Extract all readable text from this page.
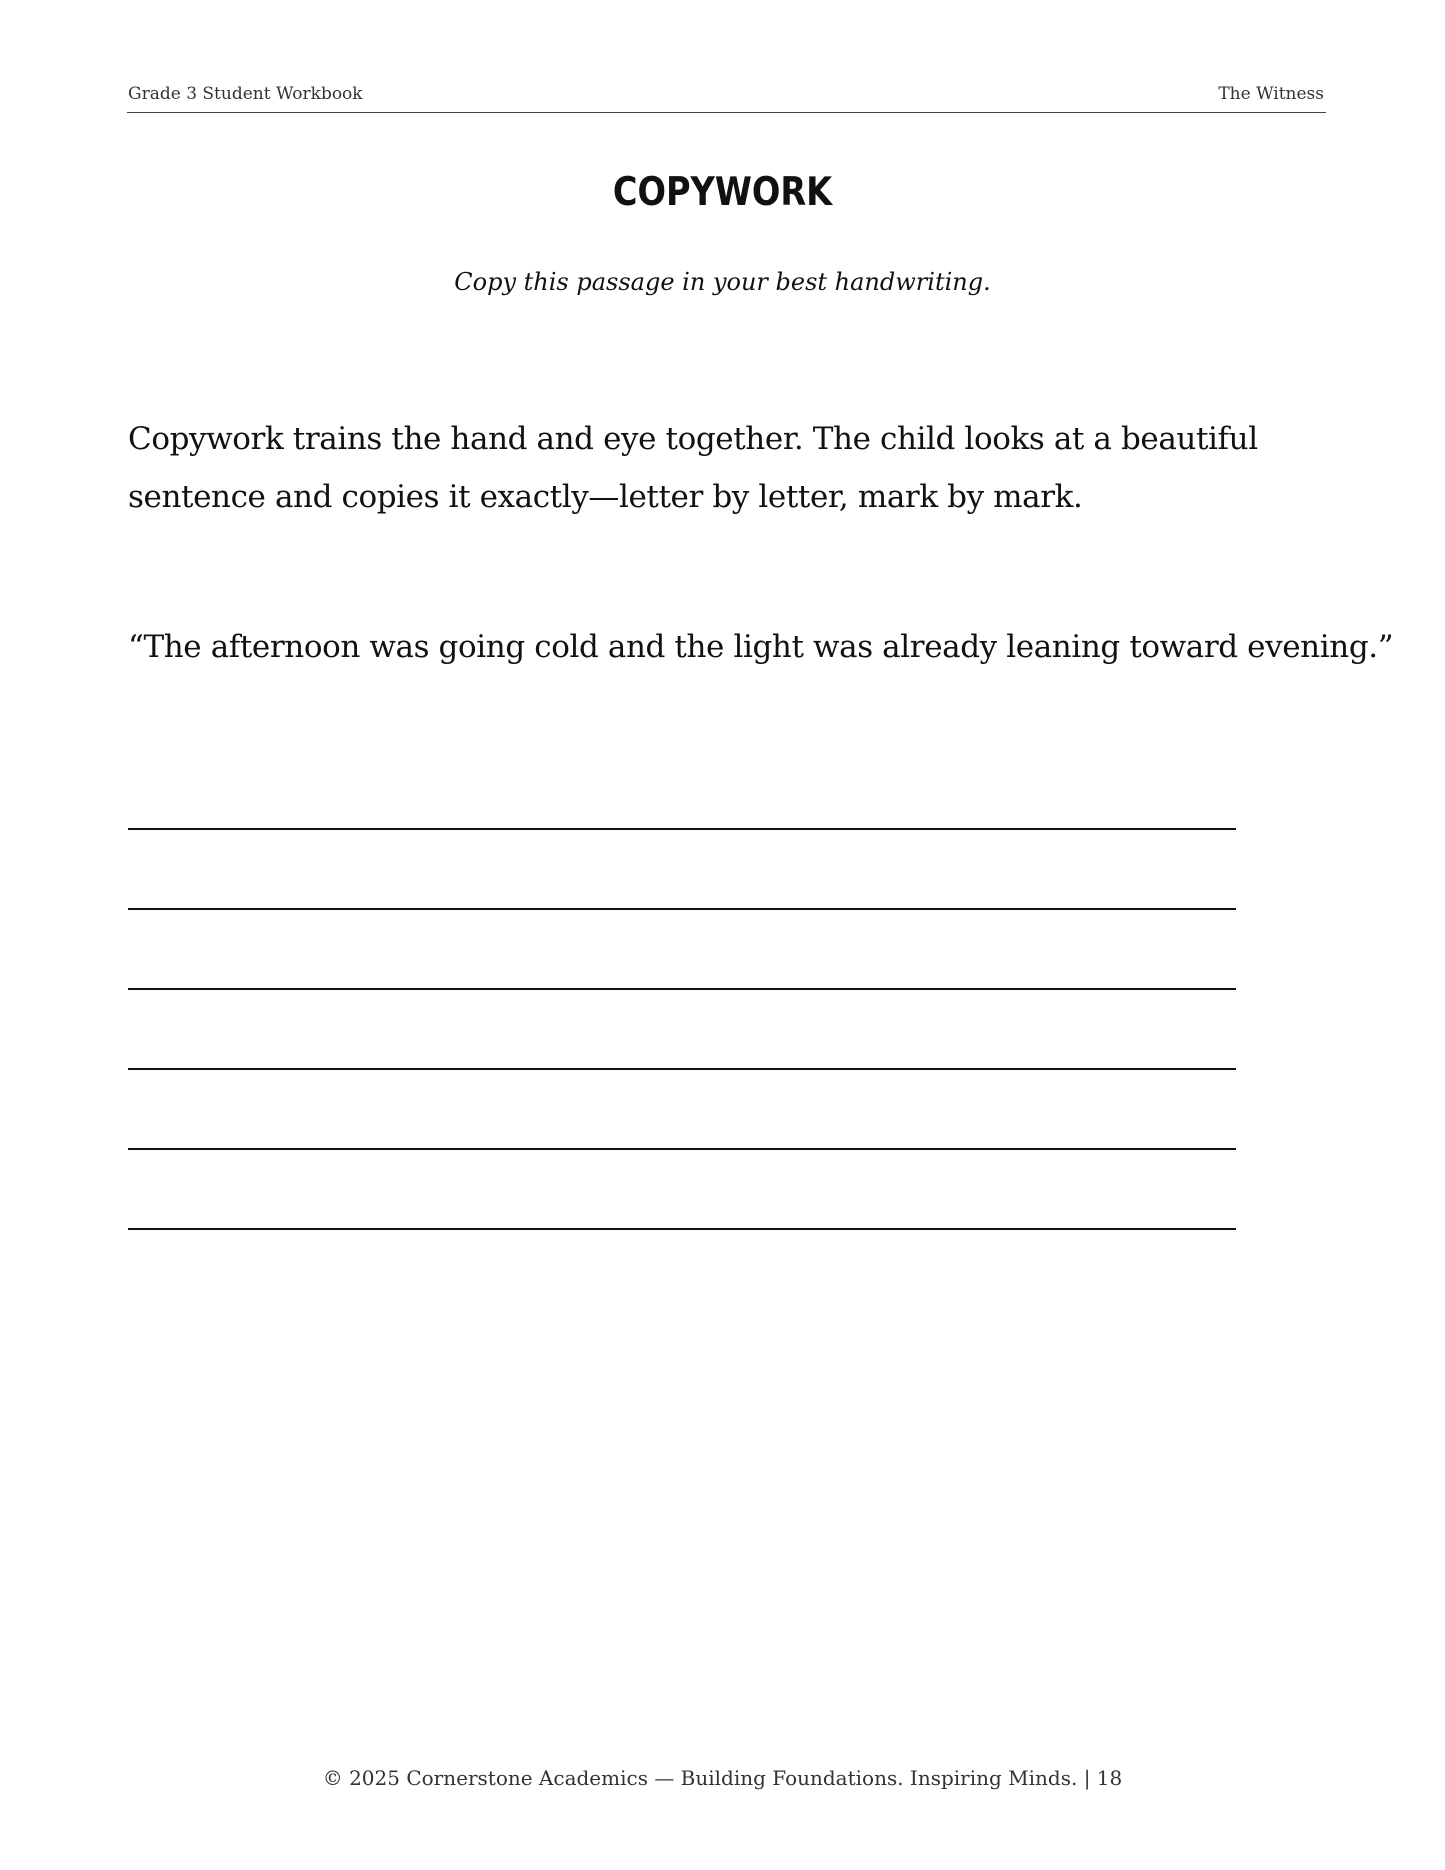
Grade 3 Student Workbook	The Witness
COPYWORK
Copy this passage in your best handwriting.
Copywork trains the hand and eye together. The child looks at a beautiful sentence and copies it exactly—letter by letter, mark by mark.
“The afternoon was going cold and the light was already leaning toward evening.”
© 2025 Cornerstone Academics — Building Foundations. Inspiring Minds. | 18
